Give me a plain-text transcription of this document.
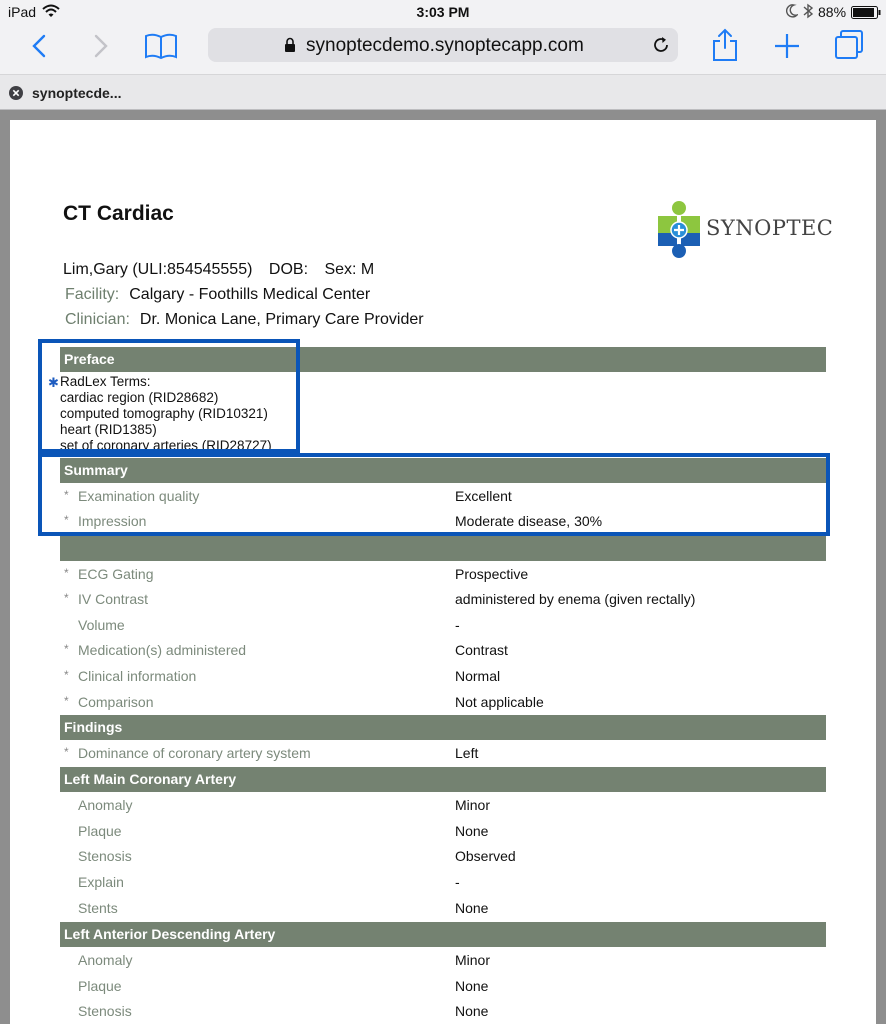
iPad	3:03 PM	88%
synoptecdemo.synoptecapp.com
synoptecde...
CT Cardiac
SYNOPTEC
Lim,Gary (ULI:854545555) DOB: Sex: M
Facility: Calgary - Foothills Medical Center
Clinician: Dr. Monica Lane, Primary Care Provider
Preface
✱ RadLex Terms:
cardiac region (RID28682)
computed tomography (RID10321)
heart (RID1385)
set of coronary arteries (RID28727)
Summary
* Examination quality	Excellent
* Impression	Moderate disease, 30%
* ECG Gating	Prospective
* IV Contrast	administered by enema (given rectally)
Volume	-
* Medication(s) administered	Contrast
* Clinical information	Normal
* Comparison	Not applicable
Findings
* Dominance of coronary artery system	Left
Left Main Coronary Artery
Anomaly	Minor
Plaque	None
Stenosis	Observed
Explain	-
Stents	None
Left Anterior Descending Artery
Anomaly	Minor
Plaque	None
Stenosis	None
